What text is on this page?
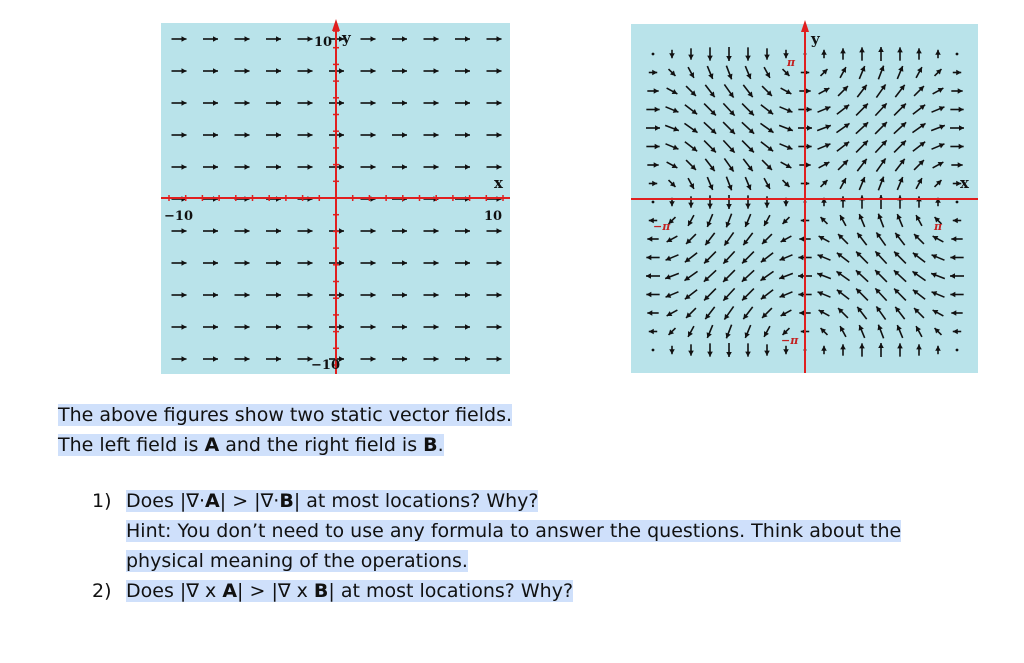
−10	10
10
−10
x
y
x
y
π
−π
−π	π
The above figures show two static vector fields.
The left field is A and the right field is B.
1) Does |∇·A| > |∇·B| at most locations? Why?
Hint: You don’t need to use any formula to answer the questions. Think about the
physical meaning of the operations.
2) Does |∇ x A| > |∇ x B| at most locations? Why?
